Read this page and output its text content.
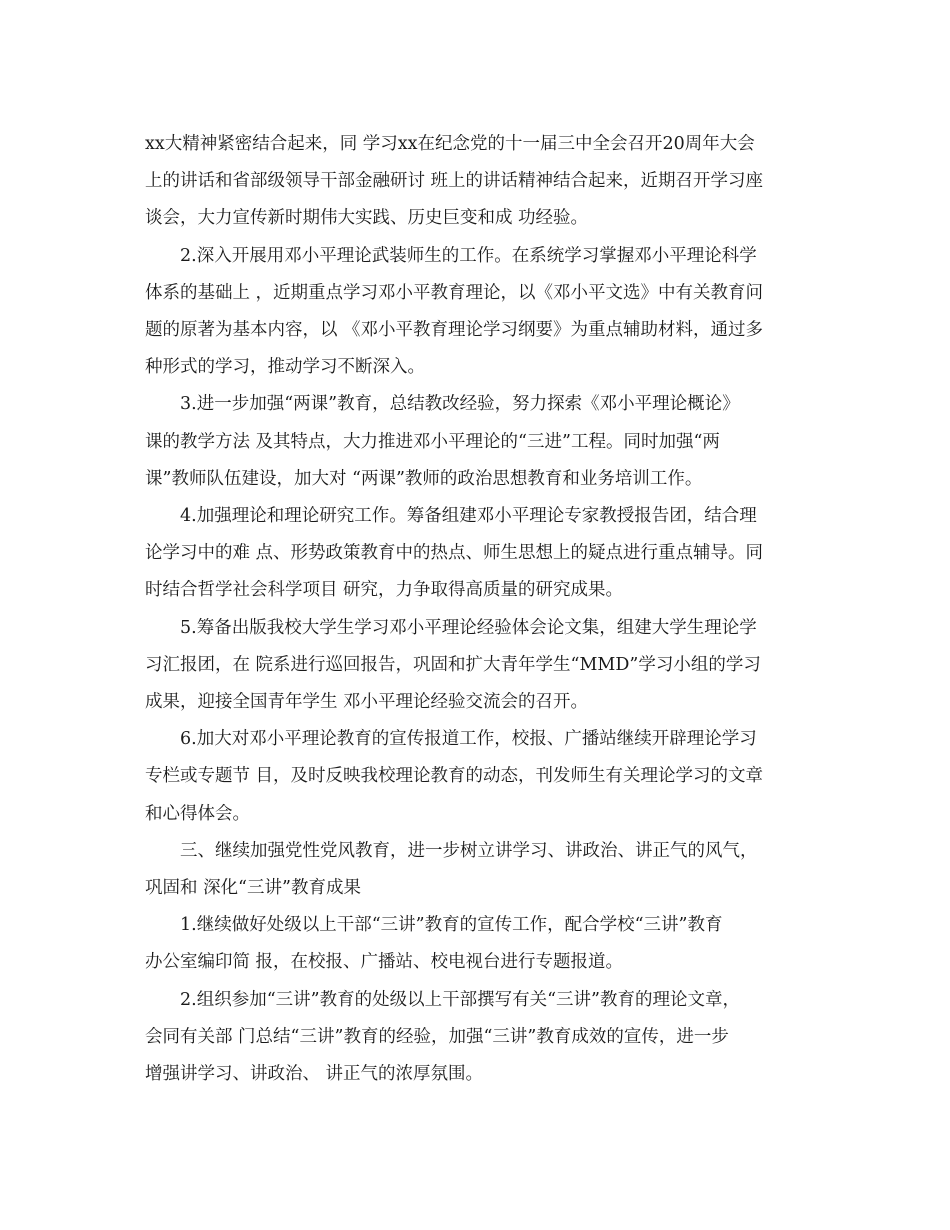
xx大精神紧密结合起来，同 学习xx在纪念党的十一届三中全会召开20周年大会
上的讲话和省部级领导干部金融研讨 班上的讲话精神结合起来，近期召开学习座
谈会，大力宣传新时期伟大实践、历史巨变和成 功经验。

2.深入开展用邓小平理论武装师生的工作。在系统学习掌握邓小平理论科学
体系的基础上 ，近期重点学习邓小平教育理论，以《邓小平文选》中有关教育问
题的原著为基本内容，以 《邓小平教育理论学习纲要》为重点辅助材料，通过多
种形式的学习，推动学习不断深入。

3.进一步加强“两课”教育，总结教改经验，努力探索《邓小平理论概论》
课的教学方法 及其特点，大力推进邓小平理论的“三进”工程。同时加强“两
课”教师队伍建设，加大对 “两课”教师的政治思想教育和业务培训工作。

4.加强理论和理论研究工作。筹备组建邓小平理论专家教授报告团，结合理
论学习中的难 点、形势政策教育中的热点、师生思想上的疑点进行重点辅导。同
时结合哲学社会科学项目 研究，力争取得高质量的研究成果。

5.筹备出版我校大学生学习邓小平理论经验体会论文集，组建大学生理论学
习汇报团，在 院系进行巡回报告，巩固和扩大青年学生“MMD”学习小组的学习
成果，迎接全国青年学生 邓小平理论经验交流会的召开。

6.加大对邓小平理论教育的宣传报道工作，校报、广播站继续开辟理论学习
专栏或专题节 目，及时反映我校理论教育的动态，刊发师生有关理论学习的文章
和心得体会。

三、继续加强党性党风教育，进一步树立讲学习、讲政治、讲正气的风气，
巩固和 深化“三讲”教育成果

1.继续做好处级以上干部“三讲”教育的宣传工作，配合学校“三讲”教育
办公室编印简 报，在校报、广播站、校电视台进行专题报道。

2.组织参加“三讲”教育的处级以上干部撰写有关“三讲”教育的理论文章，
会同有关部 门总结“三讲”教育的经验，加强“三讲”教育成效的宣传，进一步
增强讲学习、讲政治、 讲正气的浓厚氛围。
